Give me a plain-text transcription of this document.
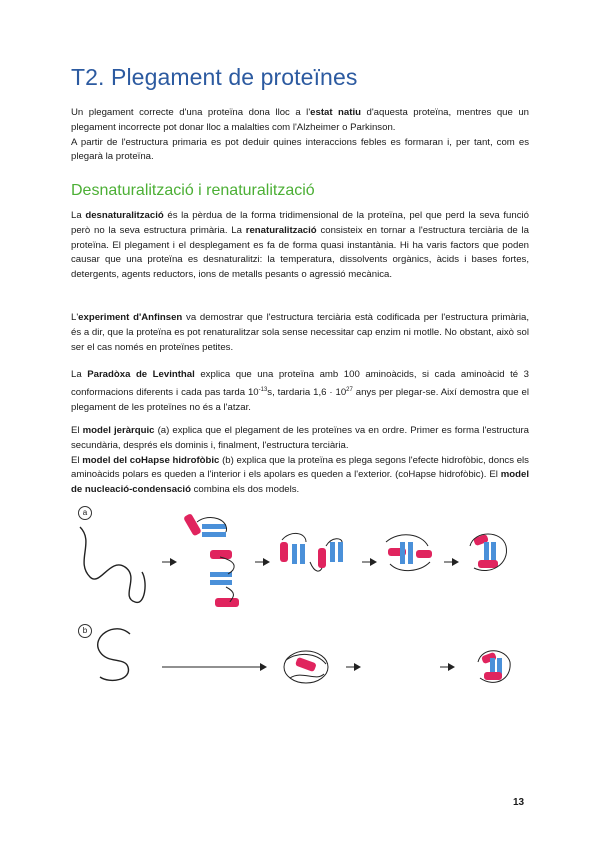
T2. Plegament de proteïnes

Un plegament correcte d'una proteïna dona lloc a l'estat natiu d'aquesta proteïna, mentres que un plegament incorrecte pot donar lloc a malalties com l'Alzheimer o Parkinson.
A partir de l'estructura primaria es pot deduir quines interaccions febles es formaran i, per tant, com es plegarà la proteïna.

Desnaturalització i renaturalització

La desnaturalització és la pèrdua de la forma tridimensional de la proteïna, pel que perd la seva funció però no la seva estructura primària. La renaturalització consisteix en tornar a l'estructura terciària de la proteïna. El plegament i el desplegament es fa de forma quasi instantània. Hi ha varis factors que poden causar que una proteïna es desnaturalitzi: la temperatura, dissolvents orgànics, àcids i bases fortes, detergents, agents reductors, ions de metalls pesants o agressió mecànica.

L'experiment d'Anfinsen va demostrar que l'estructura terciària està codificada per l'estructura primària, és a dir, que la proteïna es pot renaturalitzar sola sense necessitar cap enzim ni motlle. No obstant, això sol ser el cas només en proteïnes petites.

La Paradòxa de Levinthal explica que una proteïna amb 100 aminoàcids, si cada aminoàcid té 3 conformacions diferents i cada pas tarda $10^{-13}s$, tardaria $1,6 \cdot 10^{27}$ anys per plegar-se. Així demostra que el plegament de les proteïnes no és a l'atzar.

El model jeràrquic (a) explica que el plegament de les proteïnes va en ordre. Primer es forma l'estructura secundària, després els dominis i, finalment, l'estructura terciària.
El model del coHapse hidrofòbic (b) explica que la proteïna es plega segons l'efecte hidrofòbic, doncs els aminoàcids polars es queden a l'interior i els apolars es queden a l'exterior. (coHapse hidrofòbic). El model de nucleació-condensació combina els dos models.

a
b
13
